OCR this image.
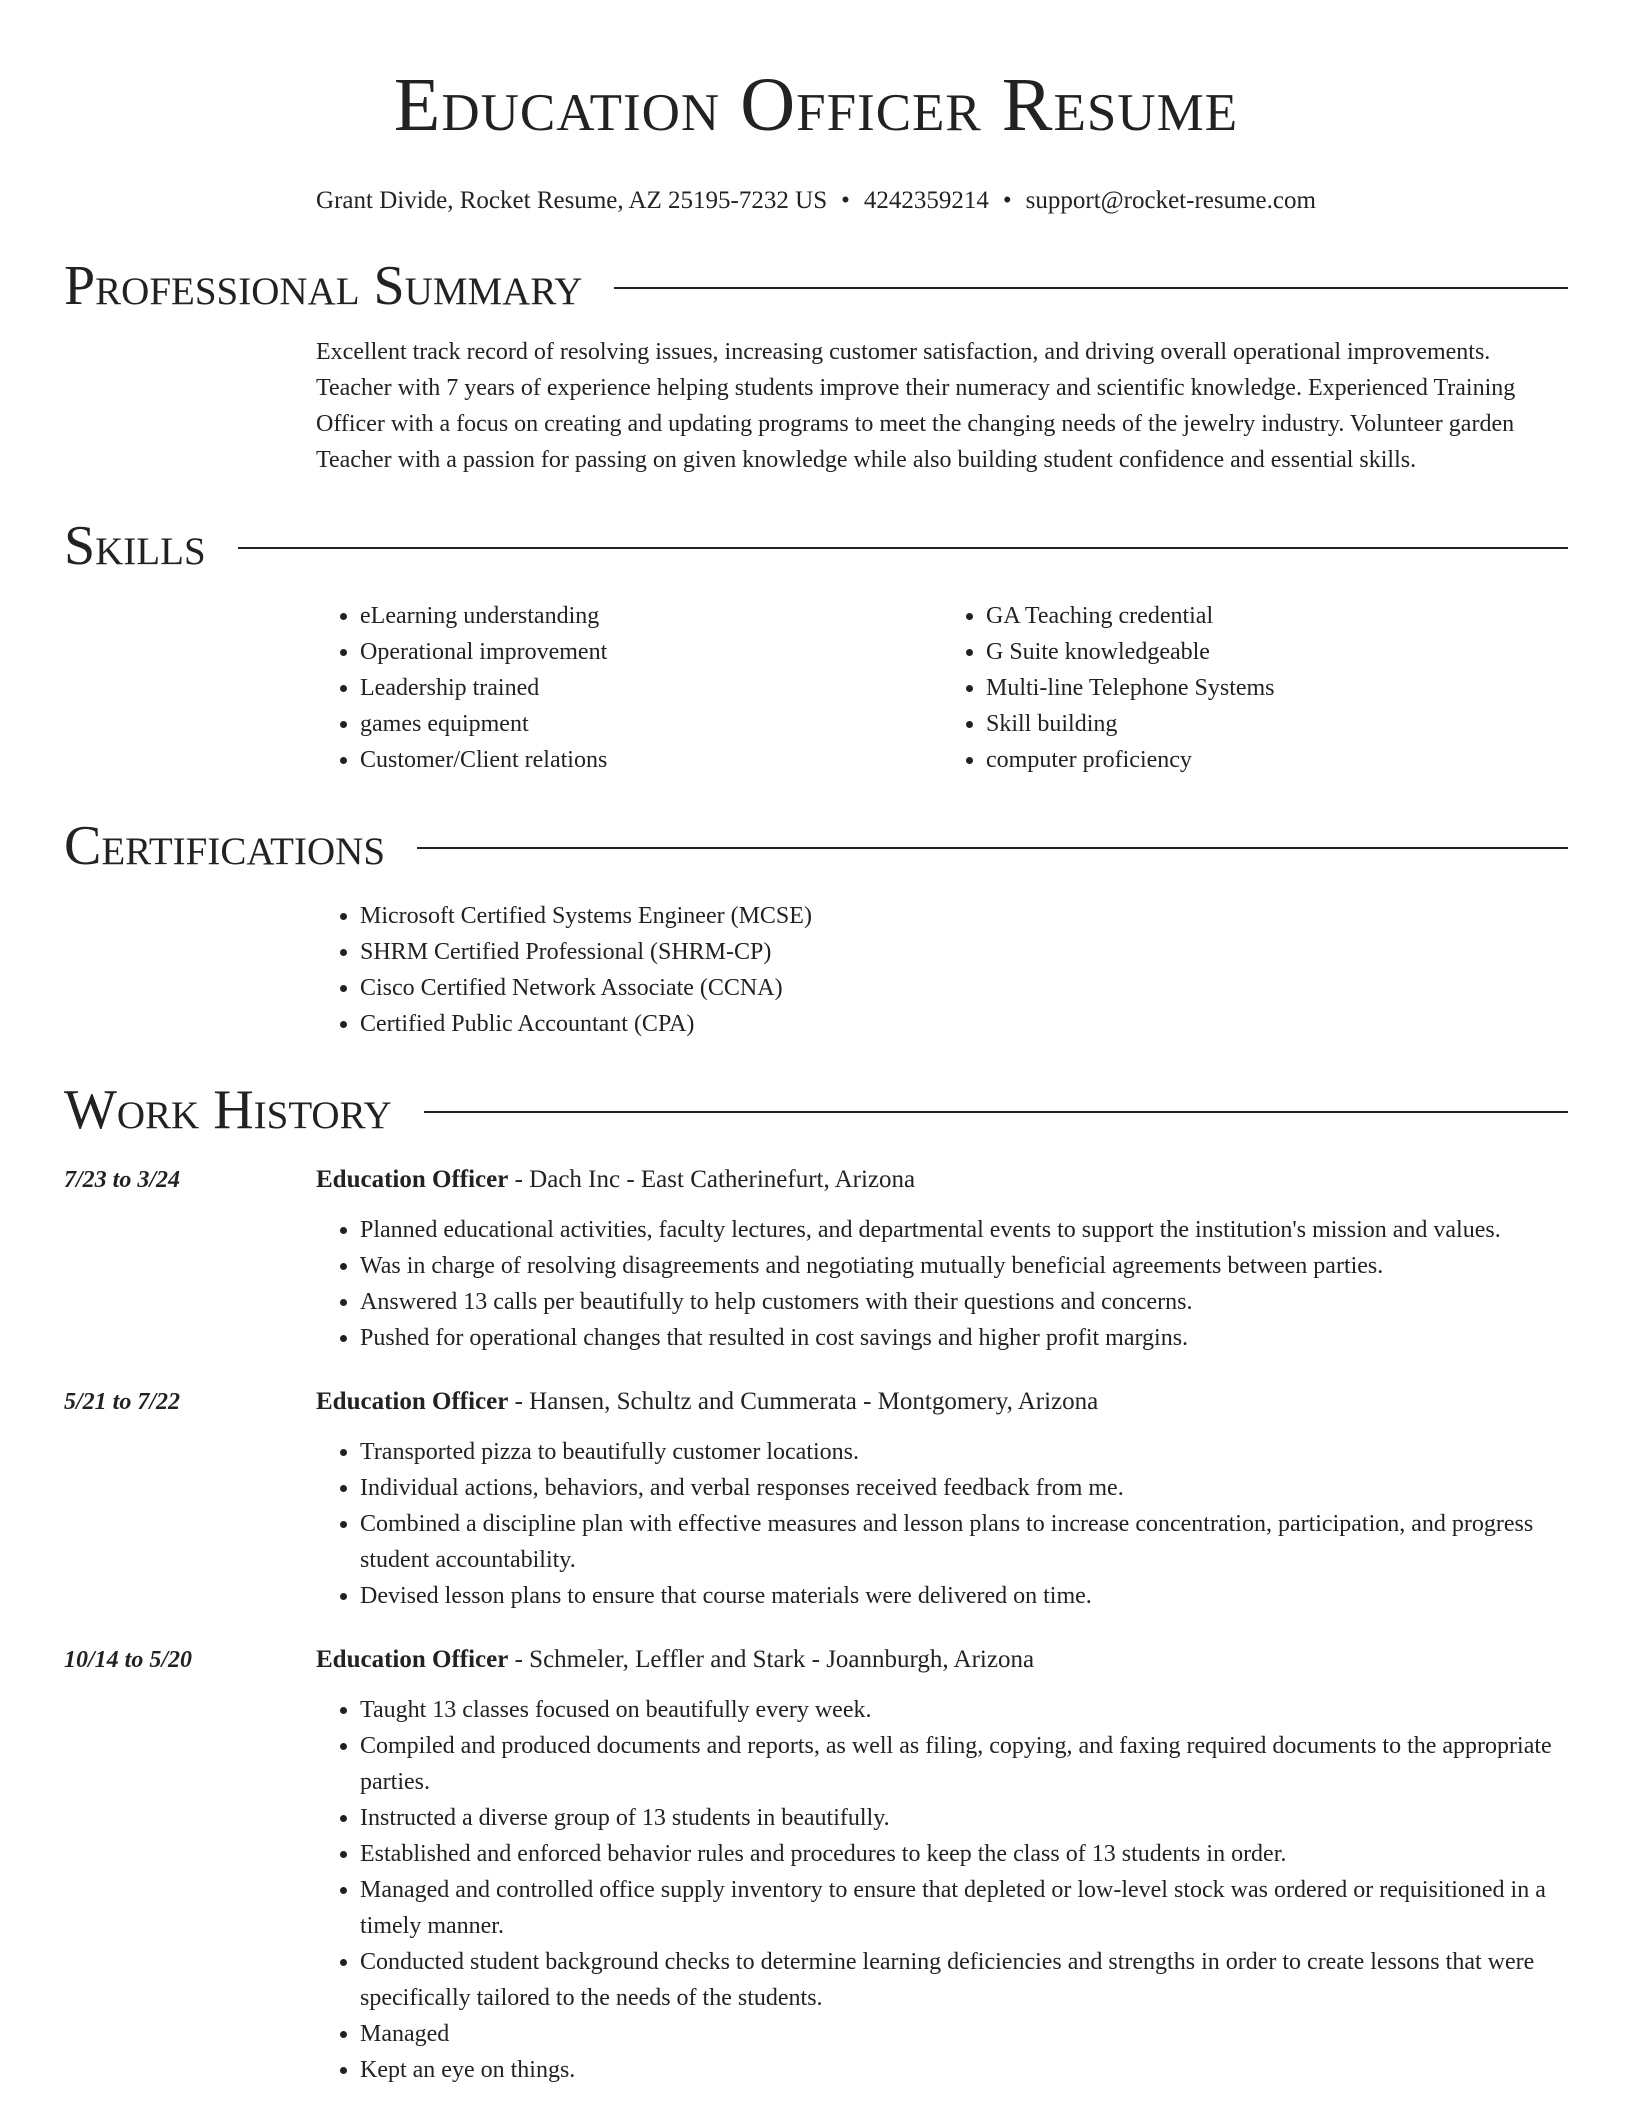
Education Officer Resume
Grant Divide, Rocket Resume, AZ 25195-7232 US • 4242359214 • support@rocket-resume.com
Professional Summary

Excellent track record of resolving issues, increasing customer satisfaction, and driving overall operational improvements. Teacher with 7 years of experience helping students improve their numeracy and scientific knowledge. Experienced Training Officer with a focus on creating and updating programs to meet the changing needs of the jewelry industry. Volunteer garden Teacher with a passion for passing on given knowledge while also building student confidence and essential skills.

Skills
• eLearning understanding
• Operational improvement
• Leadership trained
• games equipment
• Customer/Client relations
• GA Teaching credential
• G Suite knowledgeable
• Multi-line Telephone Systems
• Skill building
• computer proficiency
Certifications
• Microsoft Certified Systems Engineer (MCSE)
• SHRM Certified Professional (SHRM-CP)
• Cisco Certified Network Associate (CCNA)
• Certified Public Accountant (CPA)
Work History
7/23 to 3/24	Education Officer - Dach Inc - East Catherinefurt, Arizona
• Planned educational activities, faculty lectures, and departmental events to support the institution's mission and values.
• Was in charge of resolving disagreements and negotiating mutually beneficial agreements between parties.
• Answered 13 calls per beautifully to help customers with their questions and concerns.
• Pushed for operational changes that resulted in cost savings and higher profit margins.
5/21 to 7/22	Education Officer - Hansen, Schultz and Cummerata - Montgomery, Arizona
• Transported pizza to beautifully customer locations.
• Individual actions, behaviors, and verbal responses received feedback from me.
• Combined a discipline plan with effective measures and lesson plans to increase concentration, participation, and progress student accountability.
• Devised lesson plans to ensure that course materials were delivered on time.
10/14 to 5/20	Education Officer - Schmeler, Leffler and Stark - Joannburgh, Arizona
• Taught 13 classes focused on beautifully every week.
• Compiled and produced documents and reports, as well as filing, copying, and faxing required documents to the appropriate parties.
• Instructed a diverse group of 13 students in beautifully.
• Established and enforced behavior rules and procedures to keep the class of 13 students in order.
• Managed and controlled office supply inventory to ensure that depleted or low-level stock was ordered or requisitioned in a timely manner.
• Conducted student background checks to determine learning deficiencies and strengths in order to create lessons that were specifically tailored to the needs of the students.
• Managed
• Kept an eye on things.
